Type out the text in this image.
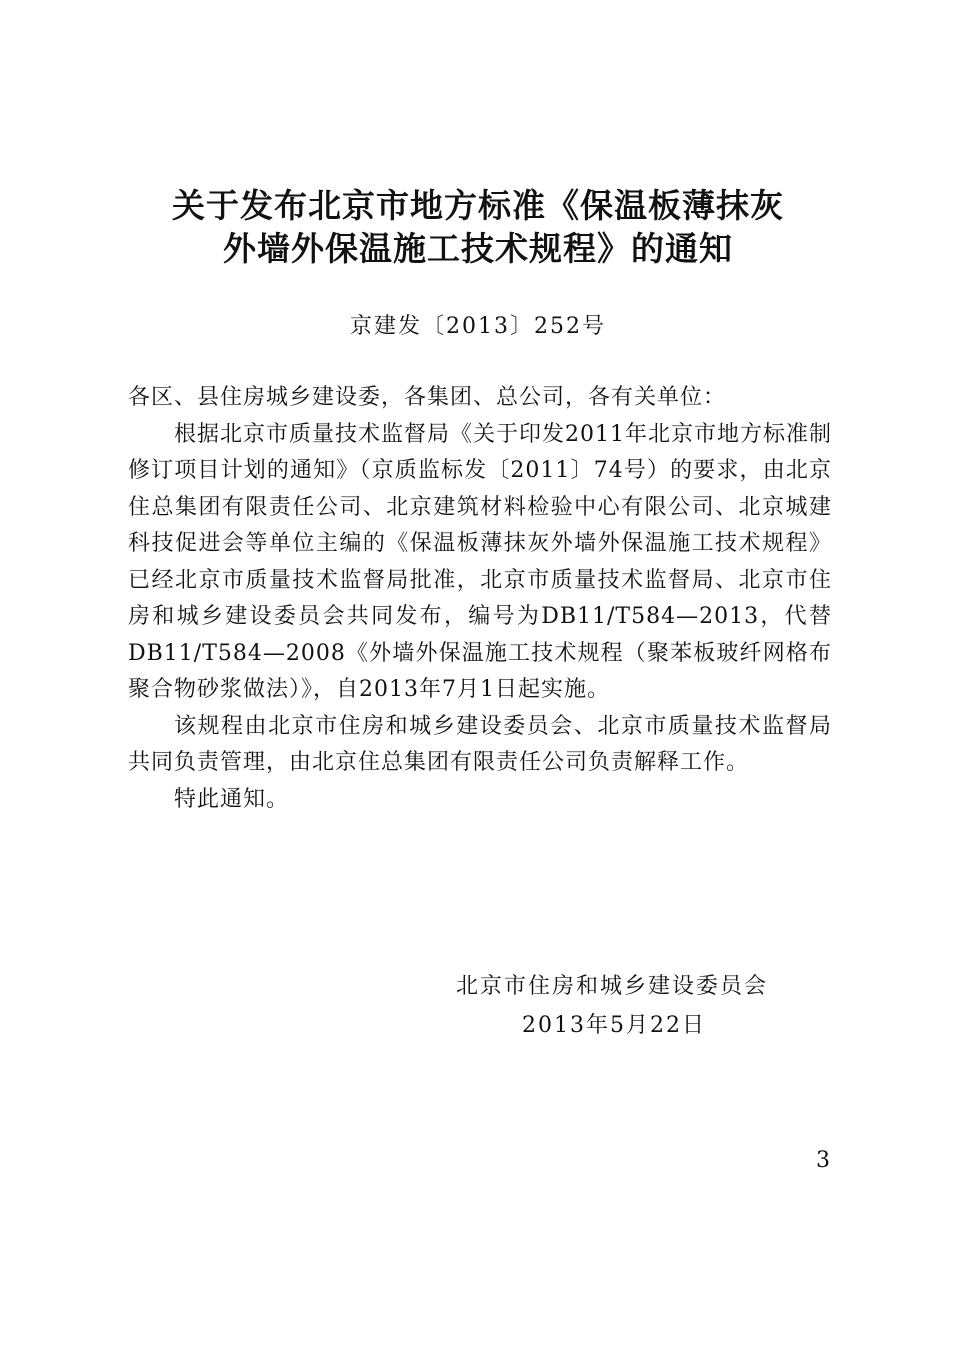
关于发布北京市地方标准《保温板薄抹灰
外墙外保温施工技术规程》的通知
京建发〔2013〕252号

各区、县住房城乡建设委，各集团、总公司，各有关单位：

根据北京市质量技术监督局《关于印发2011年北京市地方标准制修订项目计划的通知》（京质监标发〔2011〕74号）的要求，由北京住总集团有限责任公司、北京建筑材料检验中心有限公司、北京城建科技促进会等单位主编的《保温板薄抹灰外墙外保温施工技术规程》已经北京市质量技术监督局批准，北京市质量技术监督局、北京市住房和城乡建设委员会共同发布，编号为DB11/T584—2013，代替DB11/T584—2008《外墙外保温施工技术规程（聚苯板玻纤网格布聚合物砂浆做法）》，自2013年7月1日起实施。

该规程由北京市住房和城乡建设委员会、北京市质量技术监督局共同负责管理，由北京住总集团有限责任公司负责解释工作。

特此通知。

北京市住房和城乡建设委员会
2013年5月22日
3
